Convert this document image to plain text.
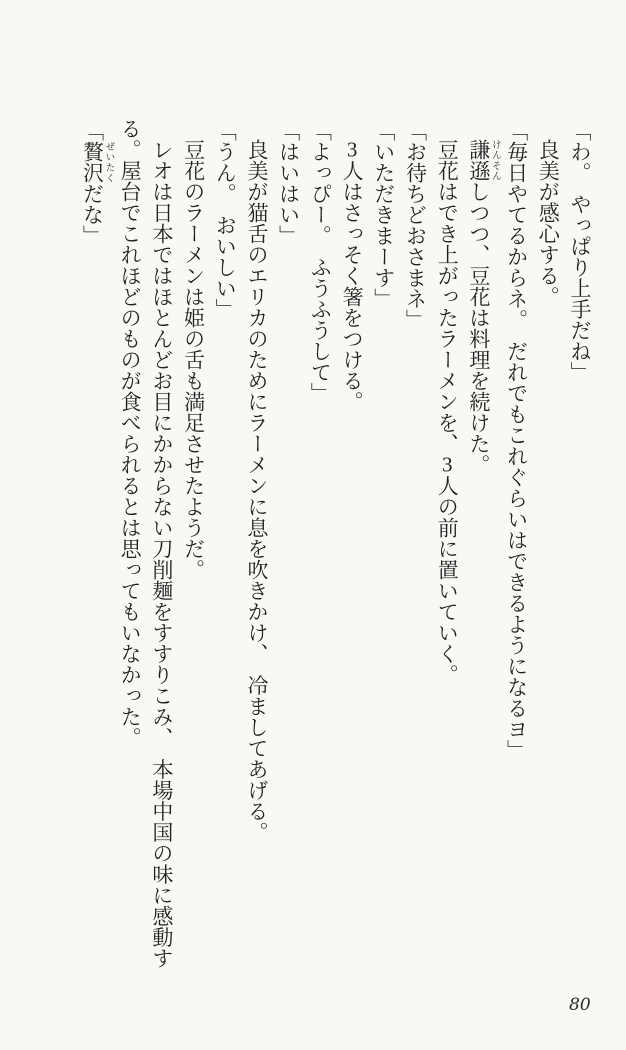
「わ。　やっぱり上手だね」

良美が感心する。

「毎日やてるからネ。　だれでもこれぐらいはできるようになるヨ」

謙遜 けんそんしつつ、豆花は料理を続けた。

豆花はでき上がったラーメンを、3人の前に置いていく。

「お待ちどおさまネ」

「いただきまーす」

3人はさっそく箸をつける。

「よっぴー。　ふうふうして」

「はいはい」

良美が猫舌のエリカのためにラーメンに息を吹きかけ、　冷ましてあげる。

「うん。　おいしい」

豆花のラーメンは姫の舌も満足させたようだ。

レオは日本ではほとんどお目にかからない刀削麺をすすりこみ、　本場中国の味に感動す

る。屋台でこれほどのものが食べられるとは思ってもいなかった。

「贅沢 ぜいたくだな」

80
